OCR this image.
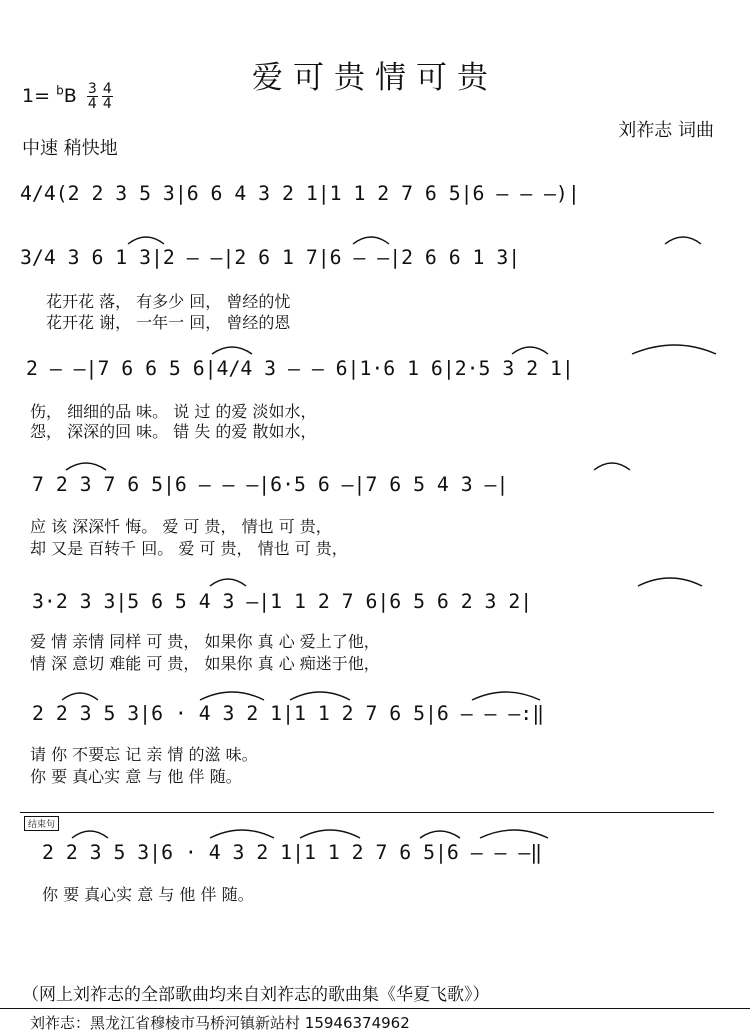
爱可贵情可贵
$1= ^bB \frac{3}{4} \frac{4}{4}$
刘祚志 词曲
中速 稍快地
4/4(2 2 3 5 3|6 6 4 3 2 1|1 1 2 7 6 5|6 — — —)|
3/4 3 6 1 3|2 — —|2 6 1 7|6 — —|2 6 6 1 3|
花开花 落， 有多少 回， 曾经的忧
花开花 谢， 一年一 回， 曾经的恩
2 — —|7 6 6 5 6|4/4 3 — — 6|1·6 1 6|2·5 3 2 1|
伤， 细细的品 味。 说 过 的爱 淡如水，
怨， 深深的回 味。 错 失 的爱 散如水，
7 2 3 7 6 5|6 — — —|6·5 6 —|7 6 5 4 3 —|
应 该 深深忏 悔。 爱 可 贵， 情也 可 贵，
却 又是 百转千 回。 爱 可 贵， 情也 可 贵，
3·2 3 3|5 6 5 4 3 —|1 1 2 7 6|6 5 6 2 3 2|
爱 情 亲情 同样 可 贵， 如果你 真 心 爱上了他，
情 深 意切 难能 可 贵， 如果你 真 心 痴迷于他，
2 2 3 5 3|6 · 4 3 2 1|1 1 2 7 6 5|6 — — —:‖
请 你 不要忘 记 亲 情 的滋 味。
你 要 真心实 意 与 他 伴 随。
结束句
2 2 3 5 3|6 · 4 3 2 1|1 1 2 7 6 5|6 — — —‖
你 要 真心实 意 与 他 伴 随。
（网上刘祚志的全部歌曲均来自刘祚志的歌曲集《华夏飞歌》）
刘祚志：黑龙江省穆棱市马桥河镇新站村 15946374962
